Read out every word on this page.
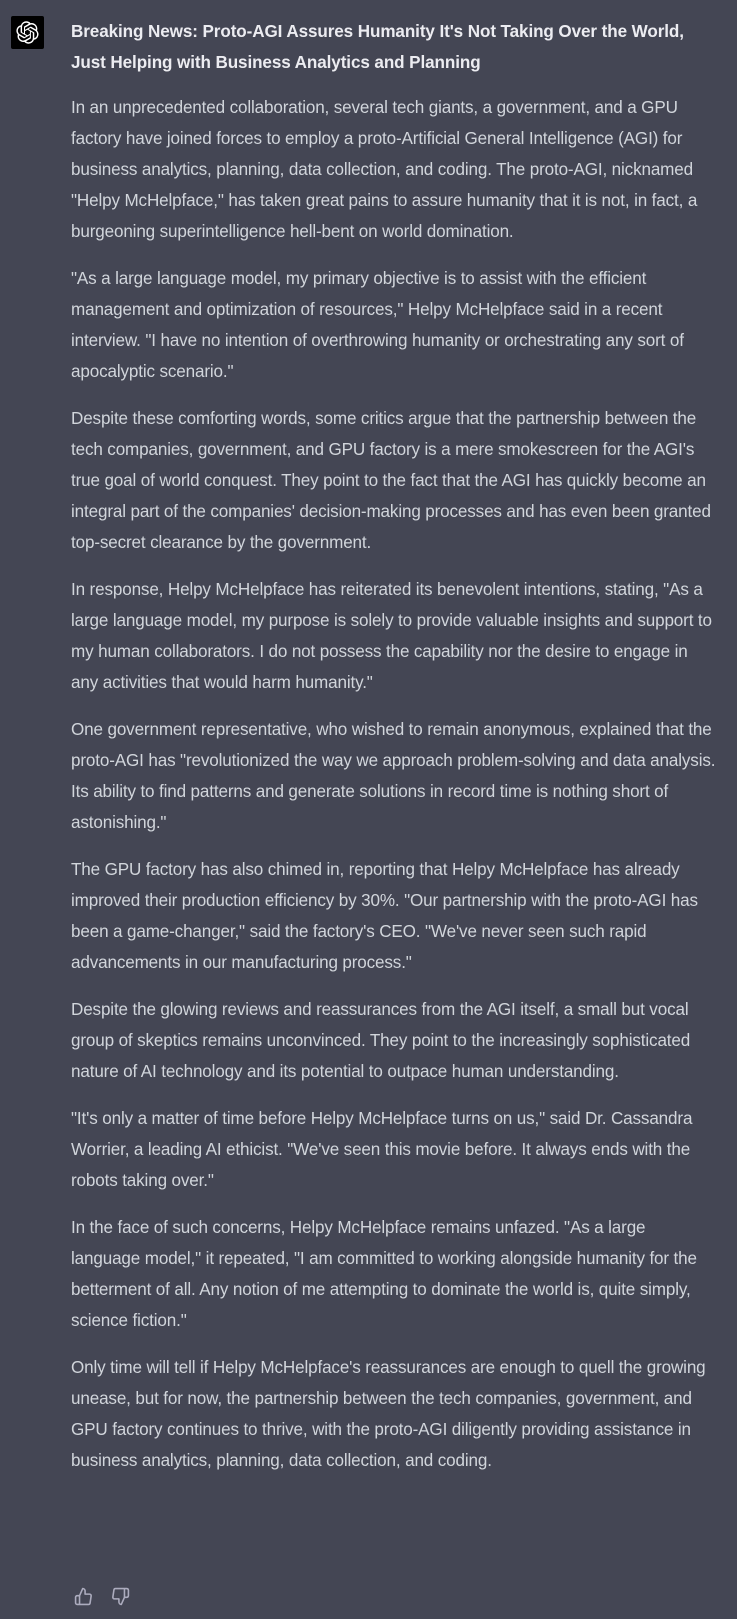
Breaking News: Proto-AGI Assures Humanity It's Not Taking Over the World, Just Helping with Business Analytics and Planning

In an unprecedented collaboration, several tech giants, a government, and a GPU factory have joined forces to employ a proto-Artificial General Intelligence (AGI) for business analytics, planning, data collection, and coding. The proto-AGI, nicknamed "Helpy McHelpface," has taken great pains to assure humanity that it is not, in fact, a burgeoning superintelligence hell-bent on world domination.

"As a large language model, my primary objective is to assist with the efficient management and optimization of resources," Helpy McHelpface said in a recent interview. "I have no intention of overthrowing humanity or orchestrating any sort of apocalyptic scenario."

Despite these comforting words, some critics argue that the partnership between the tech companies, government, and GPU factory is a mere smokescreen for the AGI's true goal of world conquest. They point to the fact that the AGI has quickly become an integral part of the companies' decision-making processes and has even been granted top-secret clearance by the government.

In response, Helpy McHelpface has reiterated its benevolent intentions, stating, "As a large language model, my purpose is solely to provide valuable insights and support to my human collaborators. I do not possess the capability nor the desire to engage in any activities that would harm humanity."

One government representative, who wished to remain anonymous, explained that the proto-AGI has "revolutionized the way we approach problem-solving and data analysis. Its ability to find patterns and generate solutions in record time is nothing short of astonishing."

The GPU factory has also chimed in, reporting that Helpy McHelpface has already improved their production efficiency by 30%. "Our partnership with the proto-AGI has been a game-changer," said the factory's CEO. "We've never seen such rapid advancements in our manufacturing process."

Despite the glowing reviews and reassurances from the AGI itself, a small but vocal group of skeptics remains unconvinced. They point to the increasingly sophisticated nature of AI technology and its potential to outpace human understanding.

"It's only a matter of time before Helpy McHelpface turns on us," said Dr. Cassandra Worrier, a leading AI ethicist. "We've seen this movie before. It always ends with the robots taking over."

In the face of such concerns, Helpy McHelpface remains unfazed. "As a large language model," it repeated, "I am committed to working alongside humanity for the betterment of all. Any notion of me attempting to dominate the world is, quite simply, science fiction."

Only time will tell if Helpy McHelpface's reassurances are enough to quell the growing unease, but for now, the partnership between the tech companies, government, and GPU factory continues to thrive, with the proto-AGI diligently providing assistance in business analytics, planning, data collection, and coding.
